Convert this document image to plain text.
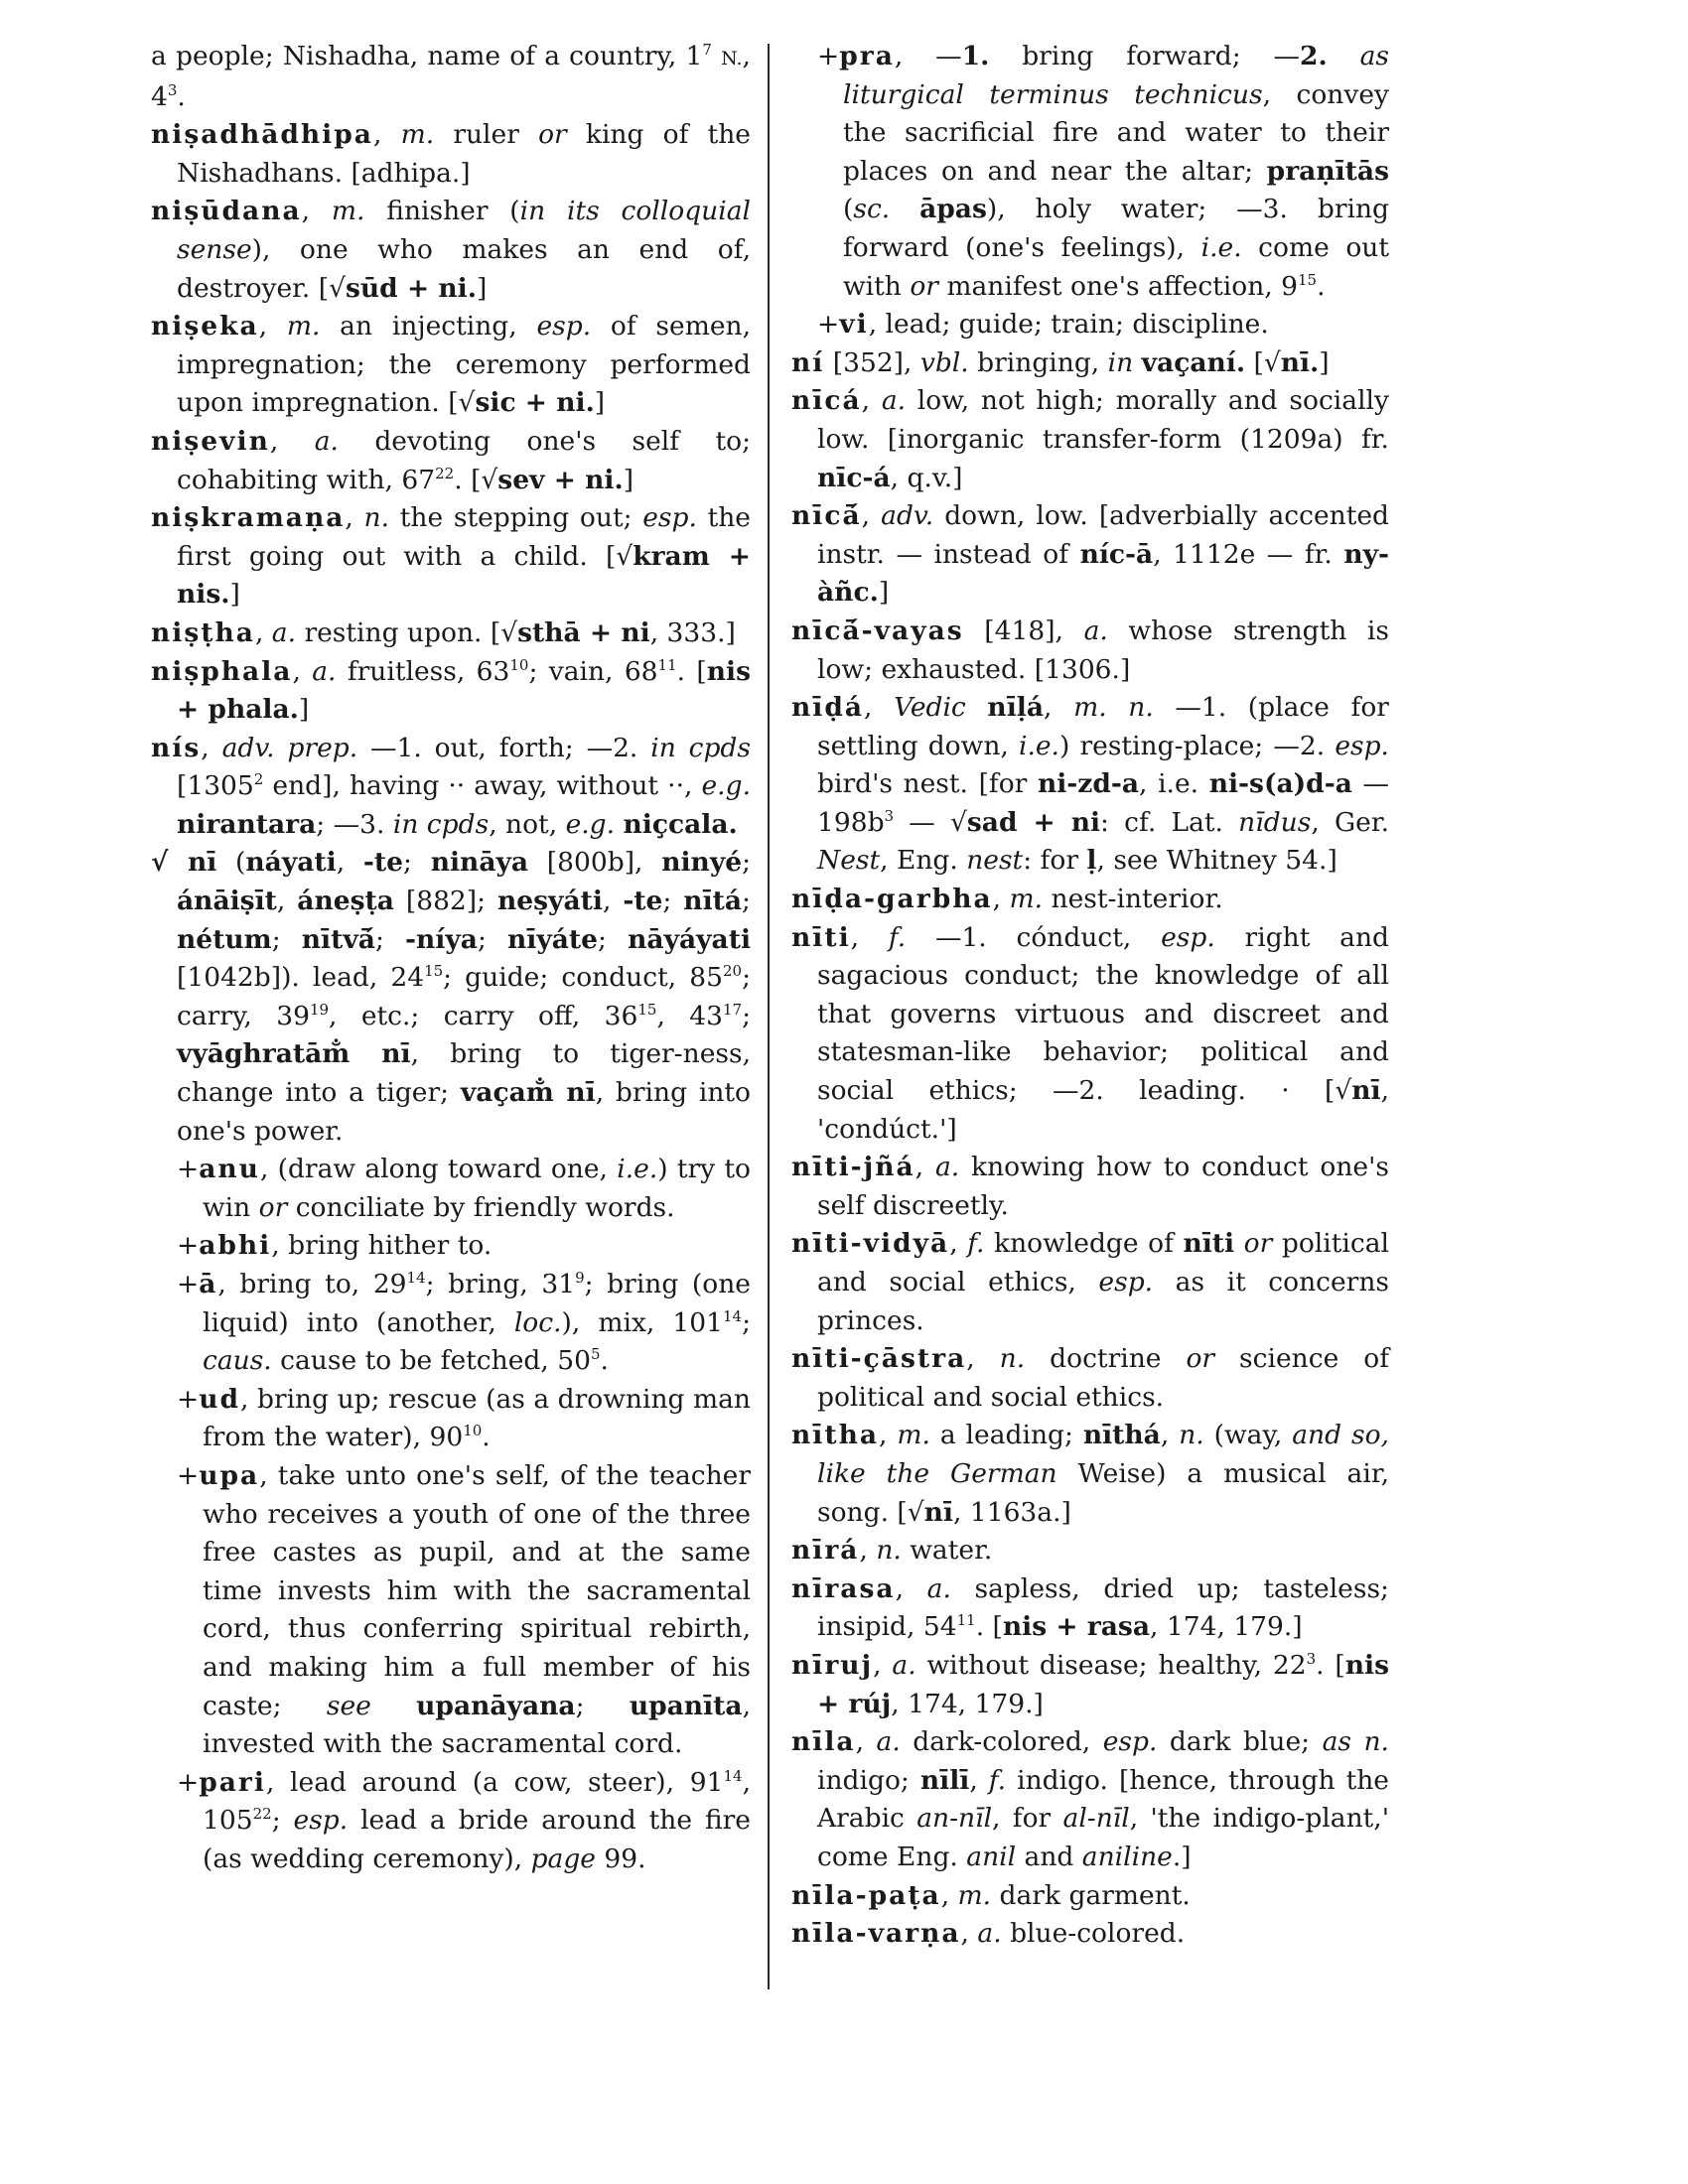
a people; Nishadha, name of a country, $1^7$ N., $4^3$.
niṣadhādhipa, m. ruler or king of the Nishadhans. [adhipa.]
niṣūdana, m. finisher (in its colloquial sense), one who makes an end of, destroyer. [√sūd + ni.]
niṣeka, m. an injecting, esp. of semen, impregnation; the ceremony performed upon impregnation. [√sic + ni.]
niṣevin, a. devoting one's self to; cohabiting with, $67^{22}$. [√sev + ni.]
niṣkramaṇa, n. the stepping out; esp. the first going out with a child. [√kram + nis.]
niṣṭha, a. resting upon. [√sthā + ni, 333.]
niṣphala, a. fruitless, $63^{10}$; vain, $68^{11}$. [nis + phala.]
nís, adv. prep. —1. out, forth; —2. in cpds [1305$^2$ end], having ·· away, without ··, e.g. nirantara; —3. in cpds, not, e.g. niçcala.
√ nī (náyati, -te; nināya [800b], ninyé; ánāiṣīt, áneṣṭa [882]; neṣyáti, -te; nītá; nétum; nītvā́; -níya; nīyáte; nāyáyati [1042b]). lead, $24^{15}$; guide; conduct, $85^{20}$; carry, $39^{19}$, etc.; carry off, $36^{15}$, $43^{17}$; vyāghratām̐ nī, bring to tiger-ness, change into a tiger; vaçam̐ nī, bring into one's power.
+anu, (draw along toward one, i.e.) try to win or conciliate by friendly words.
+abhi, bring hither to.
+ā, bring to, $29^{14}$; bring, $31^9$; bring (one liquid) into (another, loc.), mix, $101^{14}$; caus. cause to be fetched, $50^5$.
+ud, bring up; rescue (as a drowning man from the water), $90^{10}$.
+upa, take unto one's self, of the teacher who receives a youth of one of the three free castes as pupil, and at the same time invests him with the sacramental cord, thus conferring spiritual rebirth, and making him a full member of his caste; see upanāyana; upanīta, invested with the sacramental cord.
+pari, lead around (a cow, steer), $91^{14}$, $105^{22}$; esp. lead a bride around the fire (as wedding ceremony), page 99.
+pra, —1. bring forward; —2. as liturgical terminus technicus, convey the sacrificial fire and water to their places on and near the altar; praṇītās (sc. āpas), holy water; —3. bring forward (one's feelings), i.e. come out with or manifest one's affection, $9^{15}$.
+vi, lead; guide; train; discipline.
ní [352], vbl. bringing, in vaçaní. [√nī.]
nīcá, a. low, not high; morally and socially low. [inorganic transfer-form (1209a) fr. nīc-á, q.v.]
nīcā́, adv. down, low. [adverbially accented instr. — instead of níc-ā, 1112e — fr. ny-àñc.]
nīcā́-vayas [418], a. whose strength is low; exhausted. [1306.]
nīḍá, Vedic nīḷá, m. n. —1. (place for settling down, i.e.) resting-place; —2. esp. bird's nest. [for ni-zd-a, i.e. ni-s(a)d-a — $198b^3$ — √sad + ni: cf. Lat. nīdus, Ger. Nest, Eng. nest: for ḷ, see Whitney 54.]
nīḍa-garbha, m. nest-interior.
nīti, f. —1. cónduct, esp. right and sagacious conduct; the knowledge of all that governs virtuous and discreet and statesman-like behavior; political and social ethics; —2. leading. · [√nī, 'condúct.']
nīti-jñá, a. knowing how to conduct one's self discreetly.
nīti-vidyā, f. knowledge of nīti or political and social ethics, esp. as it concerns princes.
nīti-çāstra, n. doctrine or science of political and social ethics.
nītha, m. a leading; nīthá, n. (way, and so, like the German Weise) a musical air, song. [√nī, 1163a.]
nīrá, n. water.
nīrasa, a. sapless, dried up; tasteless; insipid, $54^{11}$. [nis + rasa, 174, 179.]
nīruj, a. without disease; healthy, $22^3$. [nis + rúj, 174, 179.]
nīla, a. dark-colored, esp. dark blue; as n. indigo; nīlī, f. indigo. [hence, through the Arabic an-nīl, for al-nīl, 'the indigo-plant,' come Eng. anil and aniline.]
nīla-paṭa, m. dark garment.
nīla-varṇa, a. blue-colored.
